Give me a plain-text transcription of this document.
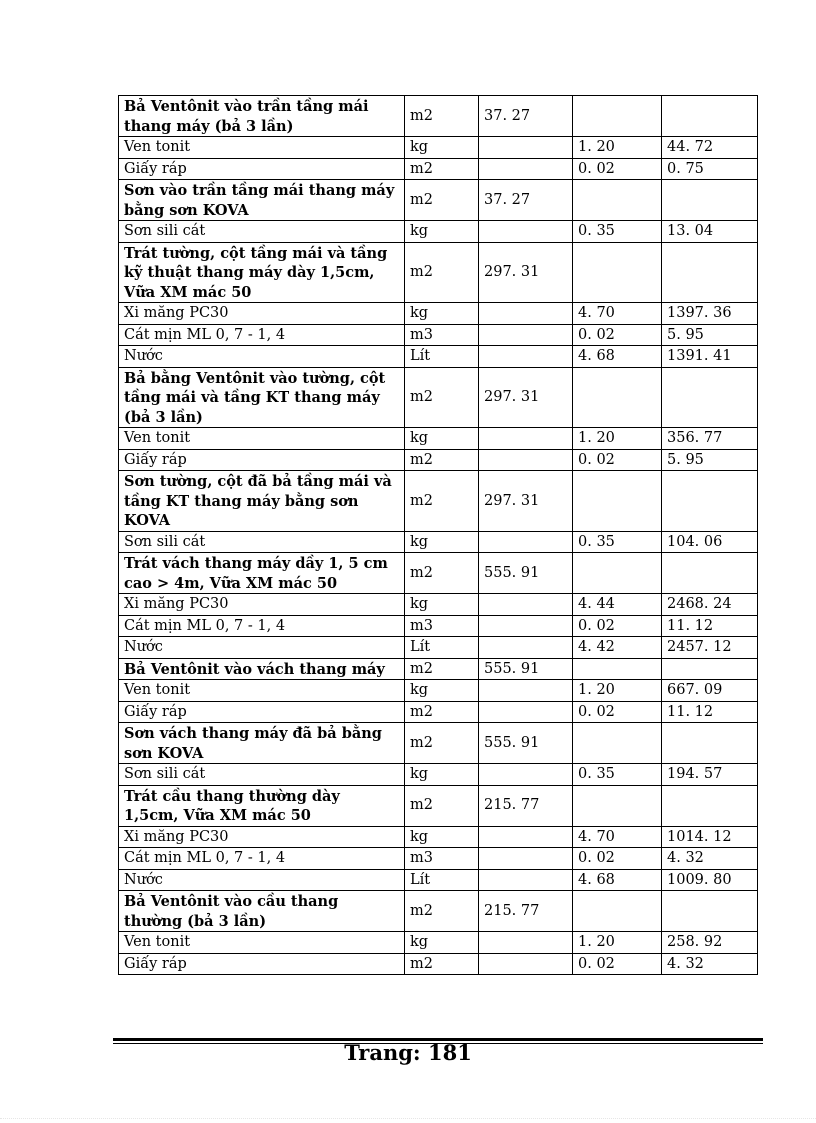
Bả Ventônit vào trần tầng mái thang máy (bả 3 lần)	m2	37. 27		
Ven tonit	kg		1. 20	44. 72
Giấy ráp	m2		0. 02	0. 75
Sơn vào trần tầng mái thang máy bằng sơn KOVA	m2	37. 27		
Sơn sili cát	kg		0. 35	13. 04
Trát tường, cột tầng mái và tầng kỹ thuật thang máy dày 1,5cm, Vữa XM mác 50	m2	297. 31		
Xi măng PC30	kg		4. 70	1397. 36
Cát mịn ML 0, 7 - 1, 4	m3		0. 02	5. 95
Nước	Lít		4. 68	1391. 41
Bả bằng Ventônit vào tường, cột tầng mái và tầng KT thang máy (bả 3 lần)	m2	297. 31		
Ven tonit	kg		1. 20	356. 77
Giấy ráp	m2		0. 02	5. 95
Sơn tường, cột đã bả tầng mái và tầng KT thang máy bằng sơn KOVA	m2	297. 31		
Sơn sili cát	kg		0. 35	104. 06
Trát vách thang máy dầy 1, 5 cm cao > 4m, Vữa XM mác 50	m2	555. 91		
Xi măng PC30	kg		4. 44	2468. 24
Cát mịn ML 0, 7 - 1, 4	m3		0. 02	11. 12
Nước	Lít		4. 42	2457. 12
Bả Ventônit vào vách thang máy	m2	555. 91		
Ven tonit	kg		1. 20	667. 09
Giấy ráp	m2		0. 02	11. 12
Sơn vách thang máy đã bả bằng sơn KOVA	m2	555. 91		
Sơn sili cát	kg		0. 35	194. 57
Trát cầu thang thường dày 1,5cm, Vữa XM mác 50	m2	215. 77		
Xi măng PC30	kg		4. 70	1014. 12
Cát mịn ML 0, 7 - 1, 4	m3		0. 02	4. 32
Nước	Lít		4. 68	1009. 80
Bả Ventônit vào cầu thang thường (bả 3 lần)	m2	215. 77		
Ven tonit	kg		1. 20	258. 92
Giấy ráp	m2		0. 02	4. 32
Trang: 181
